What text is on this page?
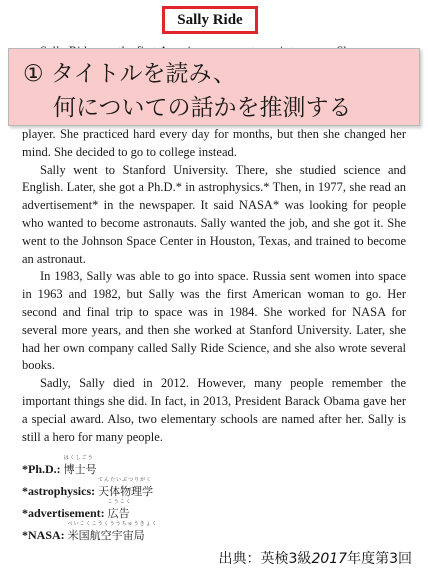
Sally Ride
① タイトルを読み、
何についての話かを推測する

player. She practiced hard every day for months, but then she changed her mind. She decided to go to college instead.

Sally went to Stanford University. There, she studied science and English. Later, she got a Ph.D.* in astrophysics.* Then, in 1977, she read an advertisement* in the newspaper. It said NASA* was looking for people who wanted to become astronauts. Sally wanted the job, and she got it. She went to the Johnson Space Center in Houston, Texas, and trained to become an astronaut.

In 1983, Sally was able to go into space. Russia sent women into space in 1963 and 1982, but Sally was the first American woman to go. Her second and final trip to space was in 1984. She worked for NASA for several more years, and then she worked at Stanford University. Later, she had her own company called Sally Ride Science, and she also wrote several books.

Sadly, Sally died in 2012. However, many people remember the important things she did. In fact, in 2013, President Barack Obama gave her a special award. Also, two elementary schools are named after her. Sally is still a hero for many people.

*Ph.D.:
はくしごう
博士号
*astrophysics:
てんたいぶつりがく
天体物理学
*advertisement:
こうこく
広告
*NASA:
べいこくこうくううちゅうきょく
米国航空宇宙局
出典：英検3級2017年度第3回
